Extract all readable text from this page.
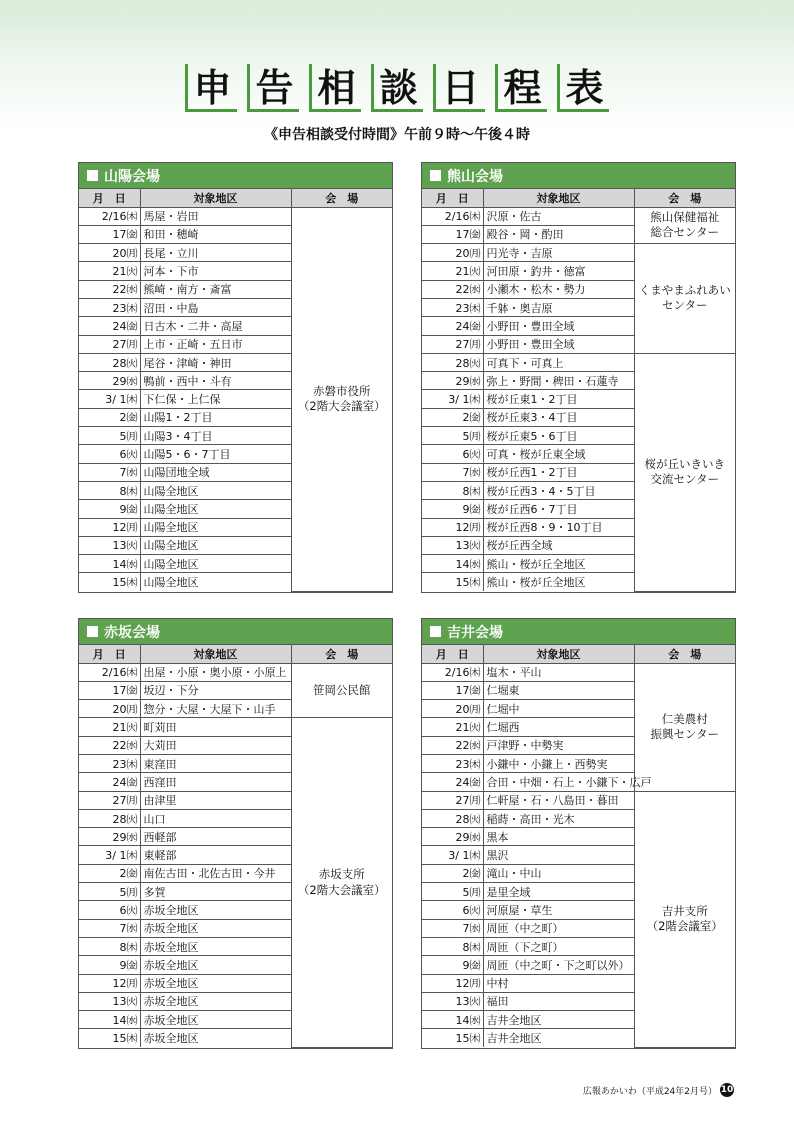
申 告 相 談 日 程 表
《申告相談受付時間》午前９時〜午後４時
山陽会場
月　日	対象地区	会　場
2/16㈭	馬屋・岩田	赤磐市役所
（2階大会議室）
17㈮	和田・穂崎	
20㈪	長尾・立川	
21㈫	河本・下市	
22㈬	熊崎・南方・斎富	
23㈭	沼田・中島	
24㈮	日古木・二井・高屋	
27㈪	上市・正崎・五日市	
28㈫	尾谷・津崎・神田	
29㈬	鴨前・西中・斗有	
3/ 1㈭	下仁保・上仁保	
2㈮	山陽1・2丁目	
5㈪	山陽3・4丁目	
6㈫	山陽5・6・7丁目	
7㈬	山陽団地全域	
8㈭	山陽全地区	
9㈮	山陽全地区	
12㈪	山陽全地区	
13㈫	山陽全地区	
14㈬	山陽全地区	
15㈭	山陽全地区	
熊山会場
月　日	対象地区	会　場
2/16㈭	沢原・佐古	熊山保健福祉
総合センター
17㈮	殿谷・岡・酌田	
20㈪	円光寺・吉原	くまやまふれあい
センター
21㈫	河田原・釣井・徳富	
22㈬	小瀬木・松木・勢力	
23㈭	千躰・奥吉原	
24㈮	小野田・豊田全域	
27㈪	小野田・豊田全域	
28㈫	可真下・可真上	桜が丘いきいき
交流センター
29㈬	弥上・野間・稗田・石蓮寺	
3/ 1㈭	桜が丘東1・2丁目	
2㈮	桜が丘東3・4丁目	
5㈪	桜が丘東5・6丁目	
6㈫	可真・桜が丘東全域	
7㈬	桜が丘西1・2丁目	
8㈭	桜が丘西3・4・5丁目	
9㈮	桜が丘西6・7丁目	
12㈪	桜が丘西8・9・10丁目	
13㈫	桜が丘西全域	
14㈬	熊山・桜が丘全地区	
15㈭	熊山・桜が丘全地区	
赤坂会場
月　日	対象地区	会　場
2/16㈭	出屋・小原・奥小原・小原上	笹岡公民館
17㈮	坂辺・下分	
20㈪	惣分・大屋・大屋下・山手	
21㈫	町苅田	赤坂支所
（2階大会議室）
22㈬	大苅田	
23㈭	東窪田	
24㈮	西窪田	
27㈪	由津里	
28㈫	山口	
29㈬	西軽部	
3/ 1㈭	東軽部	
2㈮	南佐古田・北佐古田・今井	
5㈪	多賀	
6㈫	赤坂全地区	
7㈬	赤坂全地区	
8㈭	赤坂全地区	
9㈮	赤坂全地区	
12㈪	赤坂全地区	
13㈫	赤坂全地区	
14㈬	赤坂全地区	
15㈭	赤坂全地区	
吉井会場
月　日	対象地区	会　場
2/16㈭	塩木・平山	仁美農村
振興センター
17㈮	仁堀東	
20㈪	仁堀中	
21㈫	仁堀西	
22㈬	戸津野・中勢実	
23㈭	小鎌中・小鎌上・西勢実	
24㈮	合田・中畑・石上・小鎌下・広戸	
27㈪	仁軒屋・石・八島田・暮田	吉井支所
（2階会議室）
28㈫	稲蒔・高田・光木	
29㈬	黒本	
3/ 1㈭	黒沢	
2㈮	滝山・中山	
5㈪	是里全域	
6㈫	河原屋・草生	
7㈬	周匝（中之町）	
8㈭	周匝（下之町）	
9㈮	周匝（中之町・下之町以外）	
12㈪	中村	
13㈫	福田	
14㈬	吉井全地区	
15㈭	吉井全地区	
広報あかいわ（平成24年2月号） 10
